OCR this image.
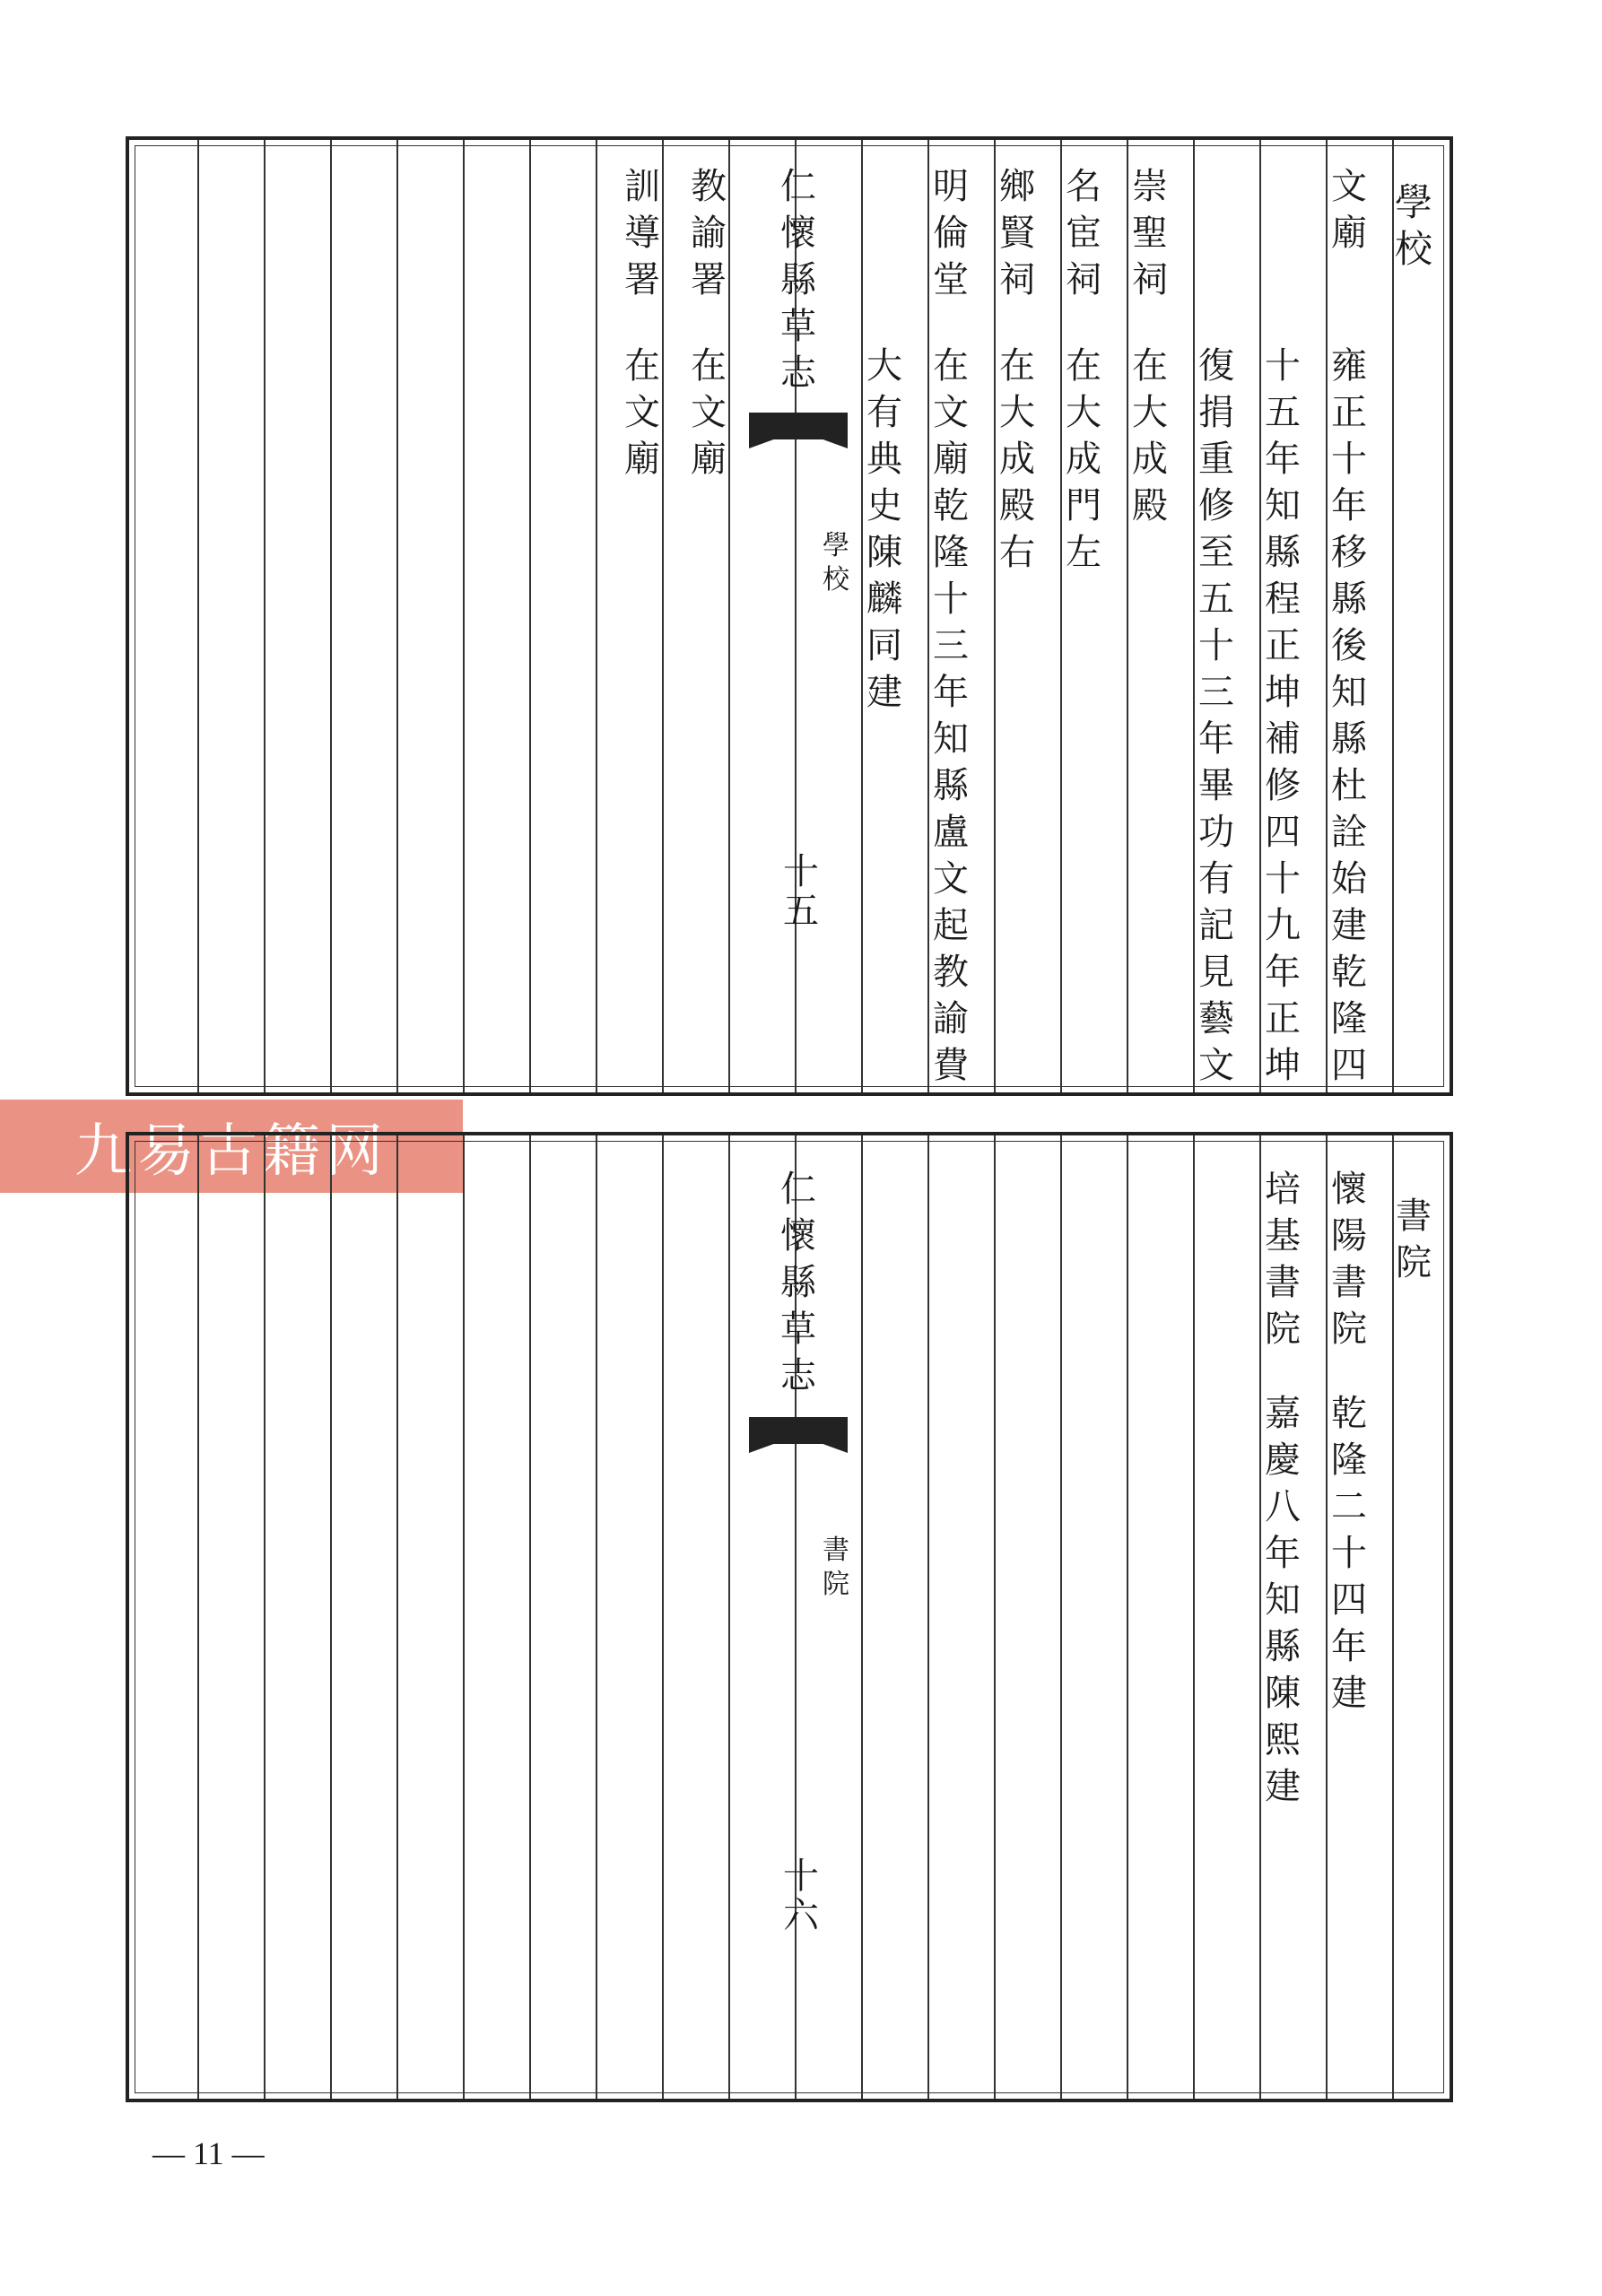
學
校
文
廟
雍
正
十
年
移
縣
後
知
縣
杜
詮
始
建
乾
隆
四
十
五
年
知
縣
程
正
坤
補
修
四
十
九
年
正
坤
復
捐
重
修
至
五
十
三
年
畢
功
有
記
見
藝
文
崇
聖
祠
在
大
成
殿
名
宦
祠
在
大
成
門
左
鄉
賢
祠
在
大
成
殿
右
明
倫
堂
在
文
廟
乾
隆
十
三
年
知
縣
盧
文
起
教
諭
費
大
有
典
史
陳
麟
同
建
仁
懷
縣
草
志
學
校
十
五
教
諭
署
在
文
廟
訓
導
署
在
文
廟
九易古籍网
書
院
懷
陽
書
院
乾
隆
二
十
四
年
建
培
基
書
院
嘉
慶
八
年
知
縣
陳
熙
建
仁
懷
縣
草
志
書
院
十
六
— 11 —
